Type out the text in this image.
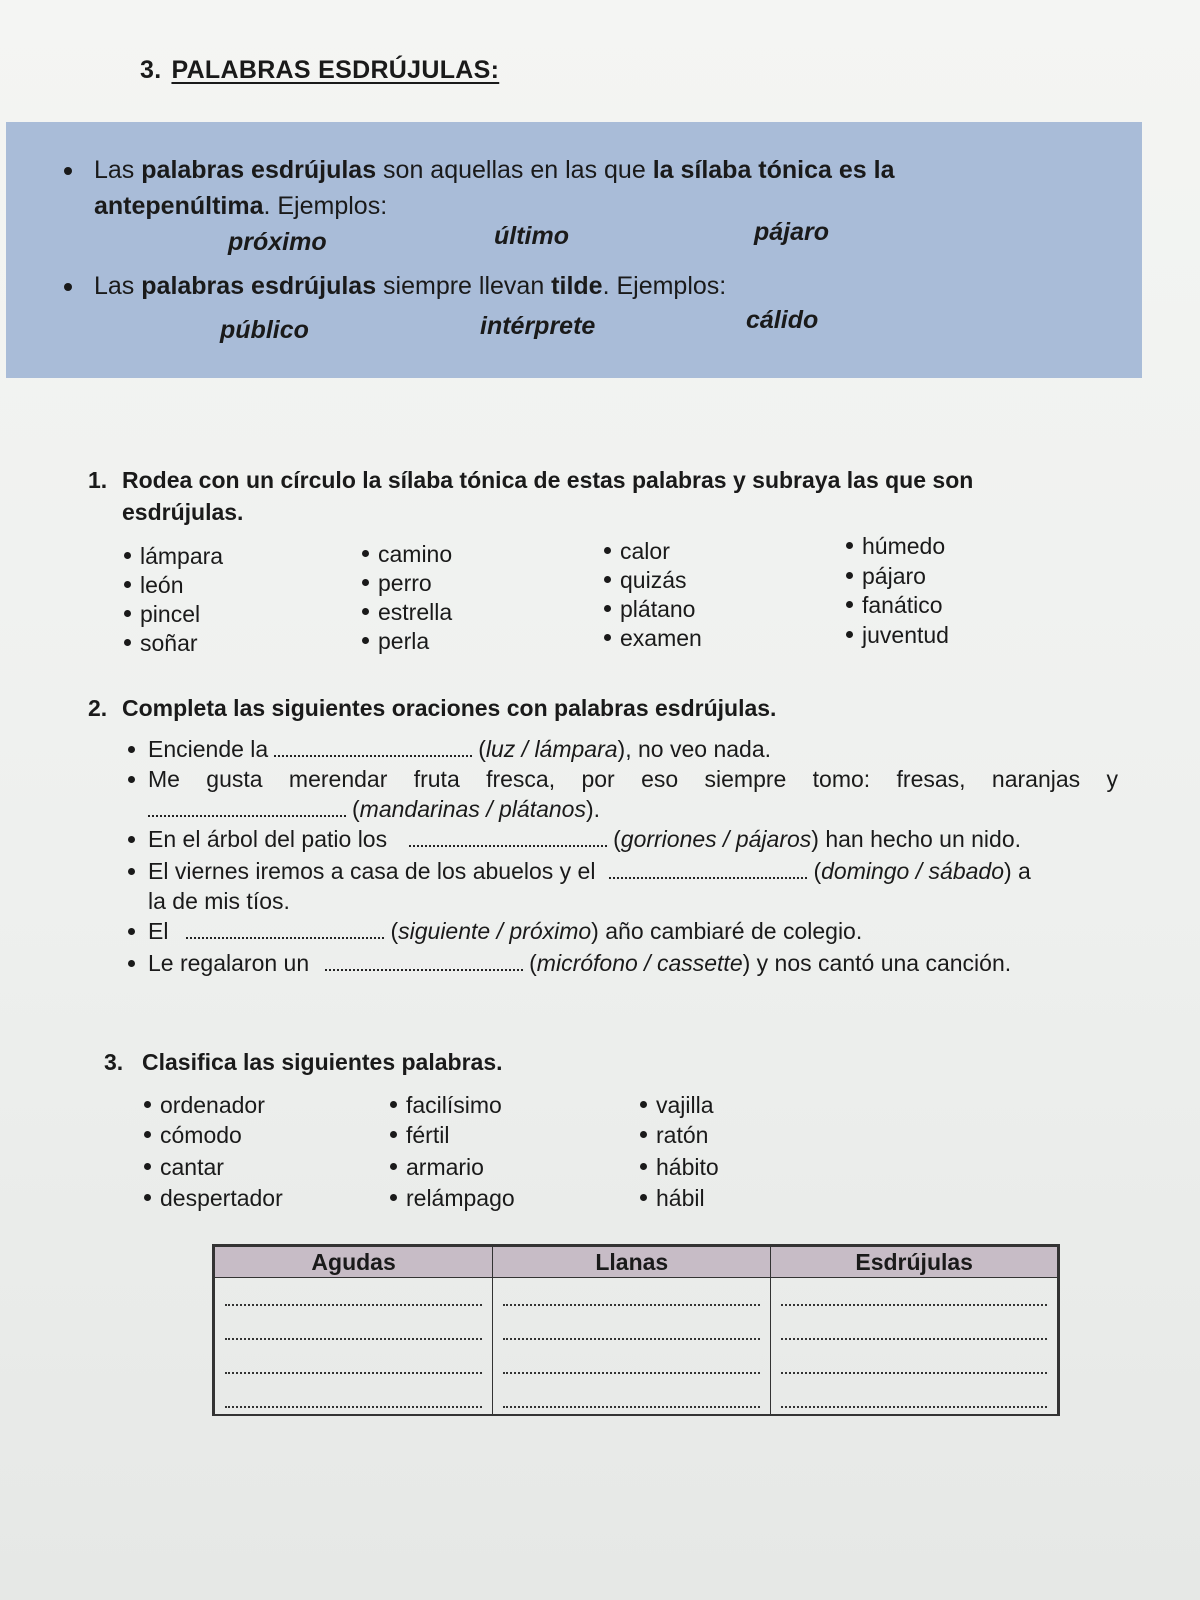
3. PALABRAS ESDRÚJULAS:
Las palabras esdrújulas son aquellas en las que la sílaba tónica es la antepenúltima. Ejemplos:
próximo	último	pájaro
Las palabras esdrújulas siempre llevan tilde. Ejemplos:
público	intérprete	cálido
1. Rodea con un círculo la sílaba tónica de estas palabras y subraya las que son esdrújulas.
lámpara
león
pincel
soñar
camino
perro
estrella
perla
calor
quizás
plátano
examen
húmedo
pájaro
fanático
juventud
2. Completa las siguientes oraciones con palabras esdrújulas.
Enciende la	(luz / lámpara), no veo nada.
Me gusta merendar fruta fresca, por eso siempre tomo: fresas, naranjas y
(mandarinas / plátanos).
En el árbol del patio los	(gorriones / pájaros) han hecho un nido.
El viernes iremos a casa de los abuelos y el	(domingo / sábado) a
la de mis tíos.
El	(siguiente / próximo) año cambiaré de colegio.
Le regalaron un	(micrófono / cassette) y nos cantó una canción.
3. Clasifica las siguientes palabras.
ordenador
cómodo
cantar
despertador
facilísimo
fértil
armario
relámpago
vajilla
ratón
hábito
hábil
Agudas	Llanas	Esdrújulas
